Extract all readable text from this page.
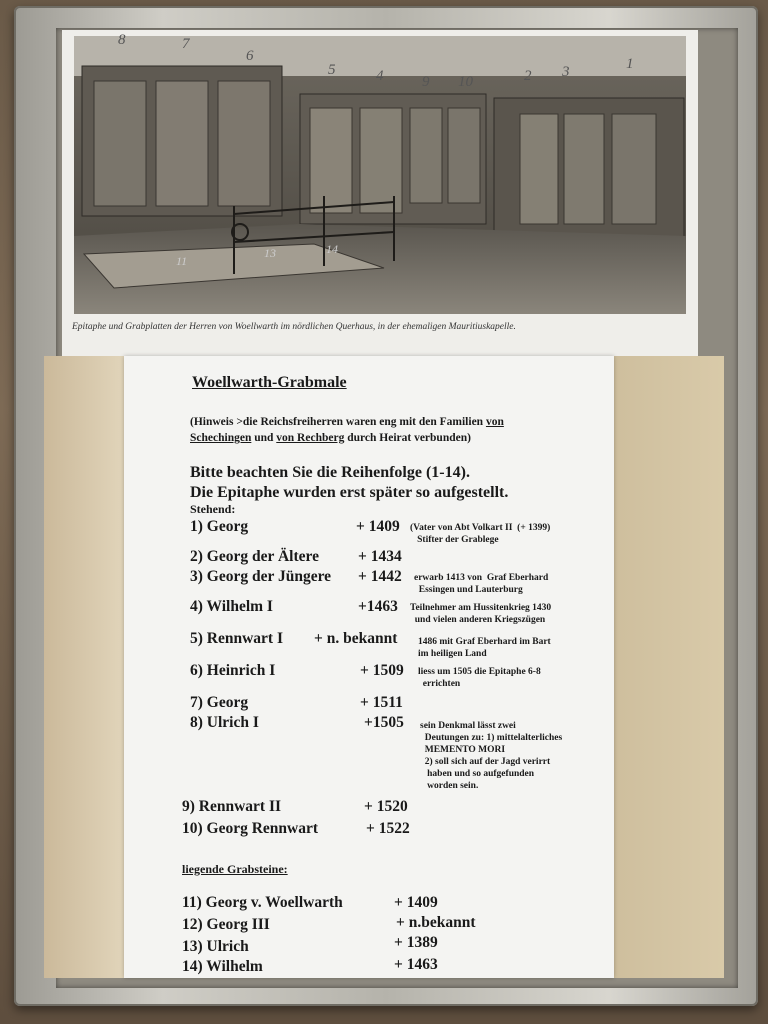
8	7
6
5	4	9 10	2 3	1
11
13	14
Epitaphe und Grabplatten der Herren von Woellwarth im nördlichen Querhaus, in der ehemaligen Mauritiuskapelle.
Woellwarth-Grabmale
(Hinweis >die Reichsfreiherren waren eng mit den Familien von
Schechingen und von Rechberg durch Heirat verbunden)
Bitte beachten Sie die Reihenfolge (1-14).
Die Epitaphe wurden erst später so aufgestellt.
Stehend:
1) Georg	+ 1409 (Vater von Abt Volkart II  (+ 1399)
Stifter der Grablege
2) Georg der Ältere	+ 1434
3) Georg der Jüngere + 1442 erwarb 1413 von  Graf Eberhard
Essingen und Lauterburg
4) Wilhelm I	+1463 Teilnehmer am Hussitenkrieg 1430
und vielen anderen Kriegszügen
5) Rennwart I + n. bekannt 1486 mit Graf Eberhard im Bart
im heiligen Land
6) Heinrich I	+ 1509 liess um 1505 die Epitaphe 6-8
errichten
7) Georg	+ 1511
8) Ulrich I	+1505 sein Denkmal lässt zwei
Deutungen zu: 1) mittelalterliches
MEMENTO MORI
2) soll sich auf der Jagd verirrt
haben und so aufgefunden
worden sein.
9) Rennwart II	+ 1520
10) Georg Rennwart	+ 1522
liegende Grabsteine:
11) Georg v. Woellwarth	+ 1409
12) Georg III	+ n.bekannt
13) Ulrich	+ 1389
14) Wilhelm	+ 1463
